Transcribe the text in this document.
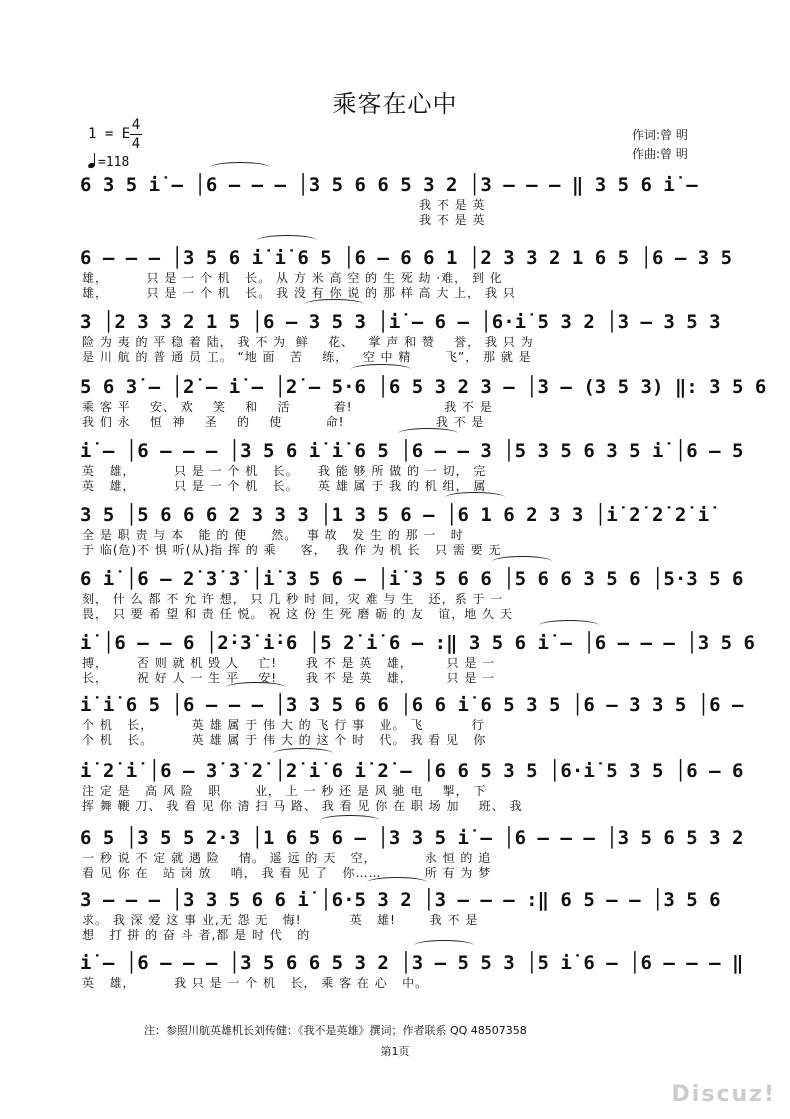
乘客在心中
1 = E
4
4
=118
作词:曾 明
作曲:曾 明
6 3 5 i̇ – │6 – – – │3 5 6 6 5 3 2 │3 – – – ‖ 3 5 6 i̇ –
我 不 是 英
我 不 是 英
6 – – – │3 5 6 i̇ i̇ 6 5 │6 – 6 6 1 │2 3 3 2 1 6 5 │6 – 3 5
雄，        只 是 一 个 机   长。 从 方 米 高 空 的 生 死 劫 ·难， 到 化
雄，        只 是 一 个 机   长。 我 没 有 你 说 的 那 样 高 大 上， 我 只
3 │2 3 3 2 1 5 │6 – 3 5 3 │i̇ – 6 – │6·i̇ 5 3 2 │3 – 3 5 3
险 为 夷 的 平 稳 着 陆， 我 不 为  鲜    花、   掌 声 和 赞    誉， 我 只 为
是 川 航 的 普 通 员 工。 “地 面   苦    练，   空 中 精       飞”， 那 就 是
5 6 3̇ – │2̇ – i̇ – │2̇ – 5·6 │6 5 3 2 3 – │3 – (3 5 3) ‖: 3 5 6
乘 客 平    安、 欢    笑    和    活         着!                   我 不 是
我 们 永    恒  神    圣    的    使         命!                   我 不 是
i̇ – │6 – – – │3 5 6 i̇ i̇ 6 5 │6 – – 3 │5 3 5 6 3 5 i̇ │6 – 5
英   雄，        只 是 一 个 机   长。    我 能 够 所 做 的 一 切， 完
英   雄，        只 是 一 个 机   长。    英 雄 属 于 我 的 机 组， 属
3 5 │5 6 6 6 2 3 3 3 │1 3 5 6 – │6 1 6 2 3 3 │i̇ 2̇ 2̇ 2̇ i̇
全 是 职 责 与 本   能 的 使     然。  事 故   发 生 的 那 一   时
于 临(危)不 惧 听(从)指 挥 的 乘     客，  我 作 为 机 长   只 需 要 无
6 i̇ │6 – 2̇ 3̇ 3̇ │i̇ 3 5 6 – │i̇ 3 5 6 6 │5 6 6 3 5 6 │5·3 5 6
刻， 什 么 都 不 允 许 想， 只 几 秒 时 间，灾 难 与 生   还，系 于 一
畏， 只 要 希 望 和 责 任 悦。 祝 这 份 生 死 磨 砺 的 友   谊，地 久 天
i̇ │6 – – 6 │2̇·3̇ i̇·6 │5 2̇ i̇ 6 – :‖ 3 5 6 i̇ – │6 – – – │3 5 6
搏，      否 则 就 机 毁 人    亡!      我 不 是 英   雄，       只 是 一
长，      祝 好 人 一 生 平    安!      我 不 是 英   雄，       只 是 一
i̇ i̇ 6 5 │6 – – – │3 3 5 6 6 │6 6 i̇ 6 5 3 5 │6 – 3 3 5 │6 –
个 机   长，        英 雄 属 于 伟 大 的 飞 行 事   业。 飞          行
个 机   长。        英 雄 属 于 伟 大 的 这 个 时   代。 我 看 见   你
i̇ 2̇ i̇ │6 – 3̇ 3̇ 2̇ │2̇ i̇ 6 i̇ 2̇ – │6 6 5 3 5 │6·i̇ 5 3 5 │6 – 6
注 定 是   高 风 险   职       业， 上 一 秒 还 是 风 驰 电    掣， 下
挥 舞 鞭 刀、 我 看 见 你 清 扫 马 路、 我 看 见 你 在 职 场 加    班、 我
6 5 │3 5 5 2·3 │1 6 5 6 – │3 3 5 i̇ – │6 – – – │3 5 6 5 3 2
一 秒 说 不 定 就 遇 险    情。 遥 远 的 天   空，          永 恒 的 追
看 见 你 在   站 岗 放    哨， 我 看 见 了   你……         所 有 为 梦
3 – – – │3 3 5 6 6 i̇ │6·5 3 2 │3 – – – :‖ 6 5 – – │3 5 6
求。 我 深 爱 这 事 业,无 怨 无   悔!          英   雄!       我 不 是
想   打 拼 的 奋 斗 者,都 是 时 代   的
i̇ – │6 – – – │3 5 6 6 5 3 2 │3 – 5 5 3 │5 i̇ 6 – │6 – – – ‖
英   雄，        我 只 是 一 个 机   长， 乘 客 在 心   中。
注：参照川航英雄机长刘传健：《我不是英雄》撰词；作者联系 QQ 48507358
第1页
Discuz!
